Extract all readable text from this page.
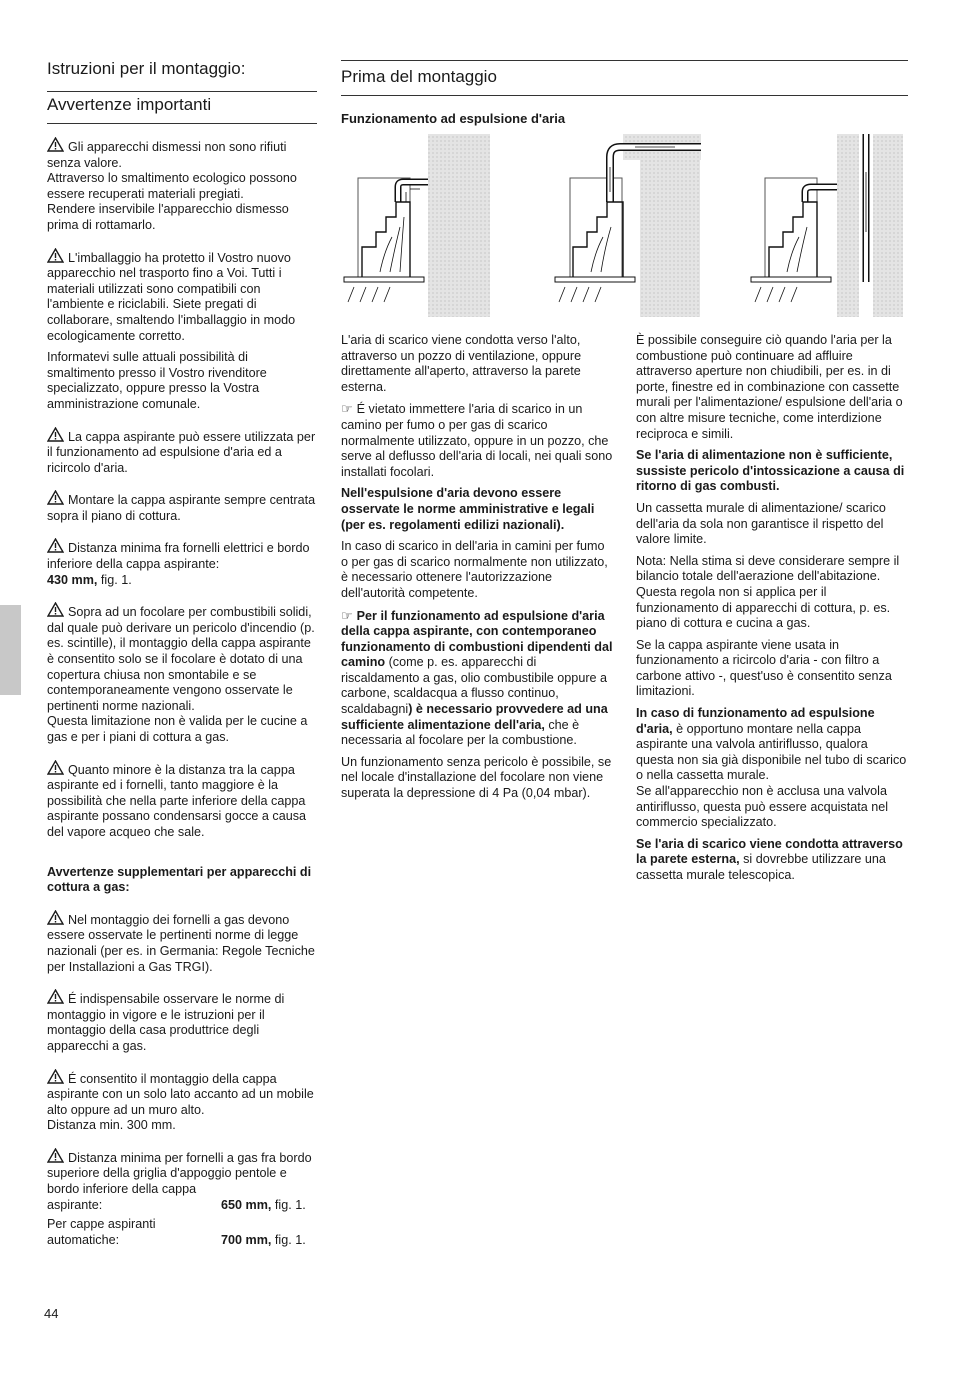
Istruzioni per il montaggio:
Avvertenze importanti
Gli apparecchi dismessi non sono rifiuti senza valore.
Attraverso lo smaltimento ecologico possono essere recuperati materiali pregiati.
Rendere inservibile l'apparecchio dismesso prima di rottamarlo.

L'imballaggio ha protetto il Vostro nuovo apparecchio nel trasporto fino a Voi. Tutti i materiali utilizzati sono compatibili con l'ambiente e riciclabili. Siete pregati di collaborare, smaltendo l'imballaggio in modo ecologicamente corretto.

Informatevi sulle attuali possibilità di smaltimento presso il Vostro rivenditore specializzato, oppure presso la Vostra amministrazione comunale.

La cappa aspirante può essere utilizzata per il funzionamento ad espulsione d'aria ed a ricircolo d'aria.
Montare la cappa aspirante sempre centrata sopra il piano di cottura.
Distanza minima fra fornelli elettrici e bordo inferiore della cappa aspirante:
430 mm, fig. 1.
Sopra ad un focolare per combustibili solidi, dal quale può derivare un pericolo d'incendio (p. es. scintille), il montaggio della cappa aspirante è consentito solo se il focolare è dotato di una copertura chiusa non smontabile e se contemporaneamente vengono osservate le pertinenti norme nazionali.
Questa limitazione non è valida per le cucine a gas e per i piani di cottura a gas.
Quanto minore è la distanza tra la cappa aspirante ed i fornelli, tanto maggiore è la possibilità che nella parte inferiore della cappa aspirante possano condensarsi gocce a causa del vapore acqueo che sale.
Avvertenze supplementari per apparecchi di cottura a gas:
Nel montaggio dei fornelli a gas devono essere osservate le pertinenti norme di legge nazionali (per es. in Germania: Regole Tecniche per Installazioni a Gas TRGI).
É indispensabile osservare le norme di montaggio in vigore e le istruzioni per il montaggio della casa produttrice degli apparecchi a gas.
É consentito il montaggio della cappa aspirante con un solo lato accanto ad un mobile alto oppure ad un muro alto.
Distanza min. 300 mm.
Distanza minima per fornelli a gas fra bordo superiore della griglia d'appoggio pentole e bordo inferiore della cappa
aspirante:	650 mm, fig. 1.
Per cappe aspiranti automatiche:	700 mm, fig. 1.
Prima del montaggio
Funzionamento ad espulsione d'aria

L'aria di scarico viene condotta verso l'alto, attraverso un pozzo di ventilazione, oppure direttamente all'aperto, attraverso la parete esterna.

☞ É vietato immettere l'aria di scarico in un camino per fumo o per gas di scarico normalmente utilizzato, oppure in un pozzo, che serve al deflusso dell'aria di locali, nei quali sono installati focolari.

Nell'espulsione d'aria devono essere osservate le norme amministrative e legali (per es. regolamenti edilizi nazionali).

In caso di scarico in dell'aria in camini per fumo o per gas di scarico normalmente non utilizzato, è necessario ottenere l'autorizzazione dell'autorità competente.

☞ Per il funzionamento ad espulsione d'aria della cappa aspirante, con contemporaneo funzionamento di combustioni dipendenti dal camino (come p. es. apparecchi di riscaldamento a gas, olio combustibile oppure a carbone, scaldacqua a flusso continuo, scaldabagni) è necessario provvedere ad una sufficiente alimentazione dell'aria, che è necessaria al focolare per la combustione.

Un funzionamento senza pericolo è possibile, se nel locale d'installazione del focolare non viene superata la depressione di 4 Pa (0,04 mbar).

È possibile conseguire ciò quando l'aria per la combustione può continuare ad affluire attraverso aperture non chiudibili, per es. in di porte, finestre ed in combinazione con cassette murali per l'alimentazione/ espulsione dell'aria o con altre misure tecniche, come interdizione reciproca e simili.

Se l'aria di alimentazione non è sufficiente, sussiste pericolo d'intossicazione a causa di ritorno di gas combusti.

Un cassetta murale di alimentazione/ scarico dell'aria da sola non garantisce il rispetto del valore limite.

Nota: Nella stima si deve considerare sempre il bilancio totale dell'aerazione dell'abitazione. Questa regola non si applica per il funzionamento di apparecchi di cottura, p. es. piano di cottura e cucina a gas.

Se la cappa aspirante viene usata in funzionamento a ricircolo d'aria - con filtro a carbone attivo -, quest'uso è consentito senza limitazioni.

In caso di funzionamento ad espulsione d'aria, è opportuno montare nella cappa aspirante una valvola antiriflusso, qualora questa non sia già disponibile nel tubo di scarico o nella cassetta murale.
Se all'apparecchio non è acclusa una valvola antiriflusso, questa può essere acquistata nel commercio specializzato.

Se l'aria di scarico viene condotta attraverso la parete esterna, si dovrebbe utilizzare una cassetta murale telescopica.

44
